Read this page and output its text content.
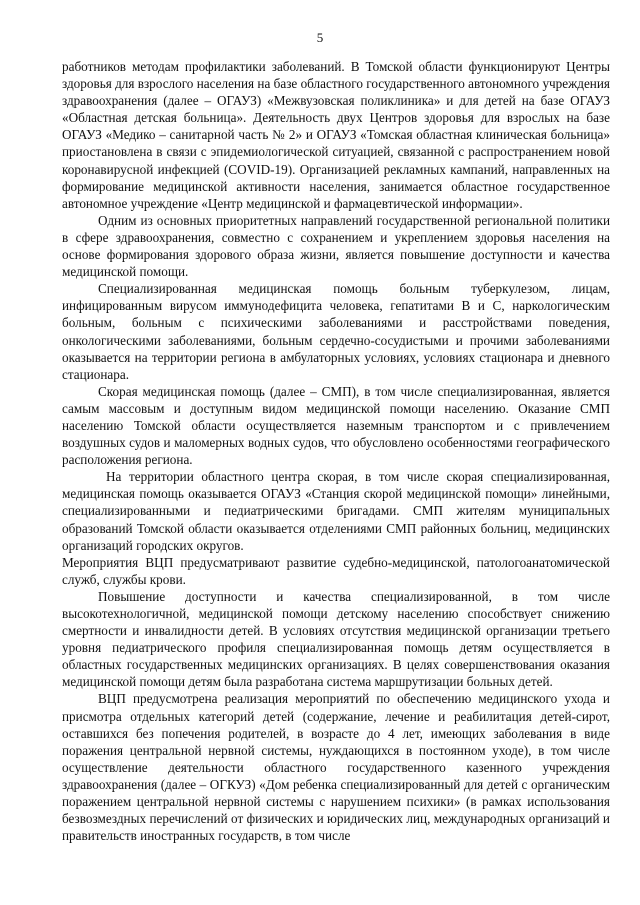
5

работников методам профилактики заболеваний. В Томской области функционируют Центры здоровья для взрослого населения на базе областного государственного автономного учреждения здравоохранения (далее – ОГАУЗ) «Межвузовская поликлиника» и для детей на базе ОГАУЗ «Областная детская больница». Деятельность двух Центров здоровья для взрослых на базе ОГАУЗ «Медико – санитарной часть № 2» и ОГАУЗ «Томская областная клиническая больница» приостановлена в связи с эпидемиологической ситуацией, связанной с распространением новой коронавирусной инфекцией (COVID-19). Организацией рекламных кампаний, направленных на формирование медицинской активности населения, занимается областное государственное автономное учреждение «Центр медицинской и фармацевтической информации».

Одним из основных приоритетных направлений государственной региональной политики в сфере здравоохранения, совместно с сохранением и укреплением здоровья населения на основе формирования здорового образа жизни, является повышение доступности и качества медицинской помощи.

Специализированная медицинская помощь больным туберкулезом, лицам, инфицированным вирусом иммунодефицита человека, гепатитами В и С, наркологическим больным, больным с психическими заболеваниями и расстройствами поведения, онкологическими заболеваниями, больным сердечно-сосудистыми и прочими заболеваниями оказывается на территории региона в амбулаторных условиях, условиях стационара и дневного стационара.

Скорая медицинская помощь (далее – СМП), в том числе специализированная, является самым массовым и доступным видом медицинской помощи населению. Оказание СМП населению Томской области осуществляется наземным транспортом и с привлечением воздушных судов и маломерных водных судов, что обусловлено особенностями географического расположения региона.

На территории областного центра скорая, в том числе скорая специализированная, медицинская помощь оказывается ОГАУЗ «Станция скорой медицинской помощи» линейными, специализированными и педиатрическими бригадами. СМП жителям муниципальных образований Томской области оказывается отделениями СМП районных больниц, медицинских организаций городских округов.

Мероприятия ВЦП предусматривают развитие судебно-медицинской, патологоанатомической служб, службы крови.

Повышение доступности и качества специализированной, в том числе высокотехнологичной, медицинской помощи детскому населению способствует снижению смертности и инвалидности детей. В условиях отсутствия медицинской организации третьего уровня педиатрического профиля специализированная помощь детям осуществляется в областных государственных медицинских организациях. В целях совершенствования оказания медицинской помощи детям была разработана система маршрутизации больных детей.

ВЦП предусмотрена реализация мероприятий по обеспечению медицинского ухода и присмотра отдельных категорий детей (содержание, лечение и реабилитация детей-сирот, оставшихся без попечения родителей, в возрасте до 4 лет, имеющих заболевания в виде поражения центральной нервной системы, нуждающихся в постоянном уходе), в том числе осуществление деятельности областного государственного казенного учреждения здравоохранения (далее – ОГКУЗ) «Дом ребенка специализированный для детей с органическим поражением центральной нервной системы с нарушением психики» (в рамках использования безвозмездных перечислений от физических и юридических лиц, международных организаций и правительств иностранных государств, в том числе
